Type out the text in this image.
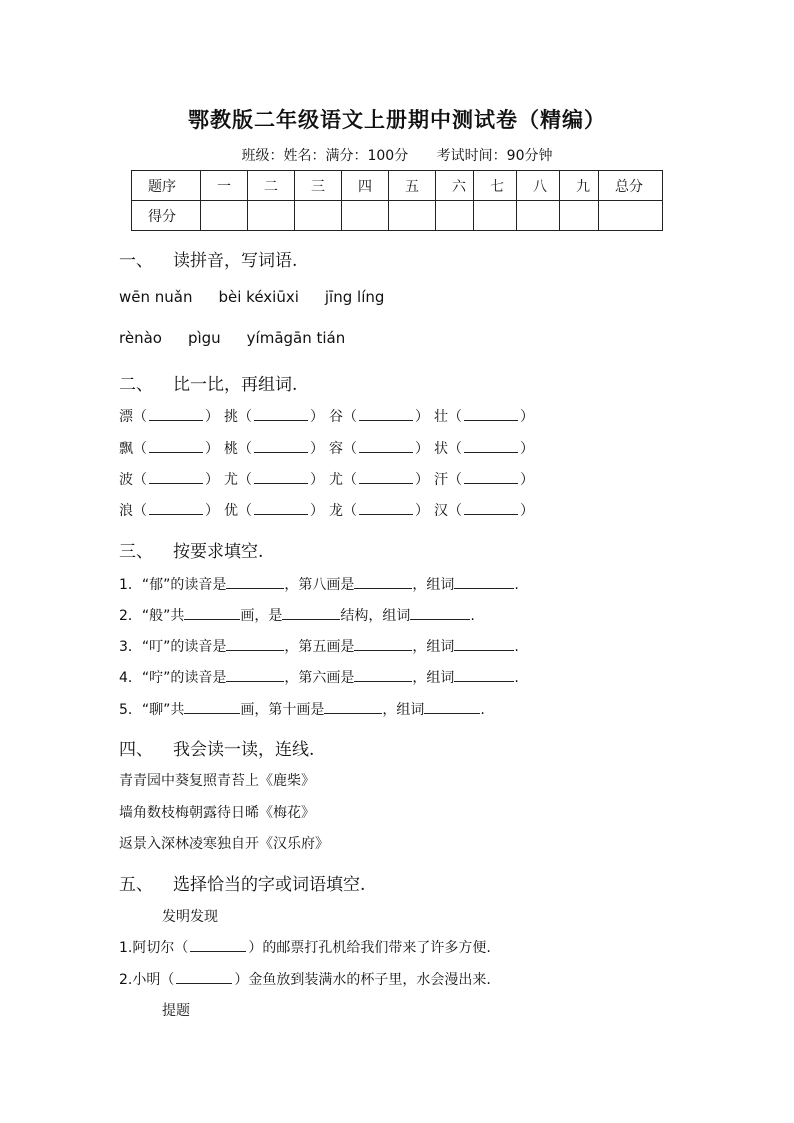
鄂教版二年级语文上册期中测试卷（精编）
班级：姓名：满分：100分 考试时间：90分钟
题序	一	二	三	四	五	六	七	八	九	总分
得分										
一、 读拼音，写词语.
wēn nuǎn bèi kéxiūxi jīng líng
rènào pìgu yímāgān tián
二、 比一比，再组词.
漂（	） 挑（	） 谷（	） 壮（	）
飘（	） 桃（	） 容（	） 状（	）
波（	） 尤（	） 尤（	） 汗（	）
浪（	） 优（	） 龙（	） 汉（	）
三、 按要求填空.
1．“郁”的读音是	，第八画是	，组词	.
2．“般”共	画，是	结构，组词	.
3．“叮”的读音是	，第五画是	，组词	.
4．“咛”的读音是	，第六画是	，组词	.
5．“聊”共	画，第十画是	，组词	.
四、 我会读一读，连线.
青青园中葵复照青苔上《鹿柴》
墙角数枝梅朝露待日晞《梅花》
返景入深林凌寒独自开《汉乐府》
五、 选择恰当的字或词语填空.
发明发现
1.阿切尔（	）的邮票打孔机给我们带来了许多方便.
2.小明（	）金鱼放到装满水的杯子里，水会漫出来.
提题
